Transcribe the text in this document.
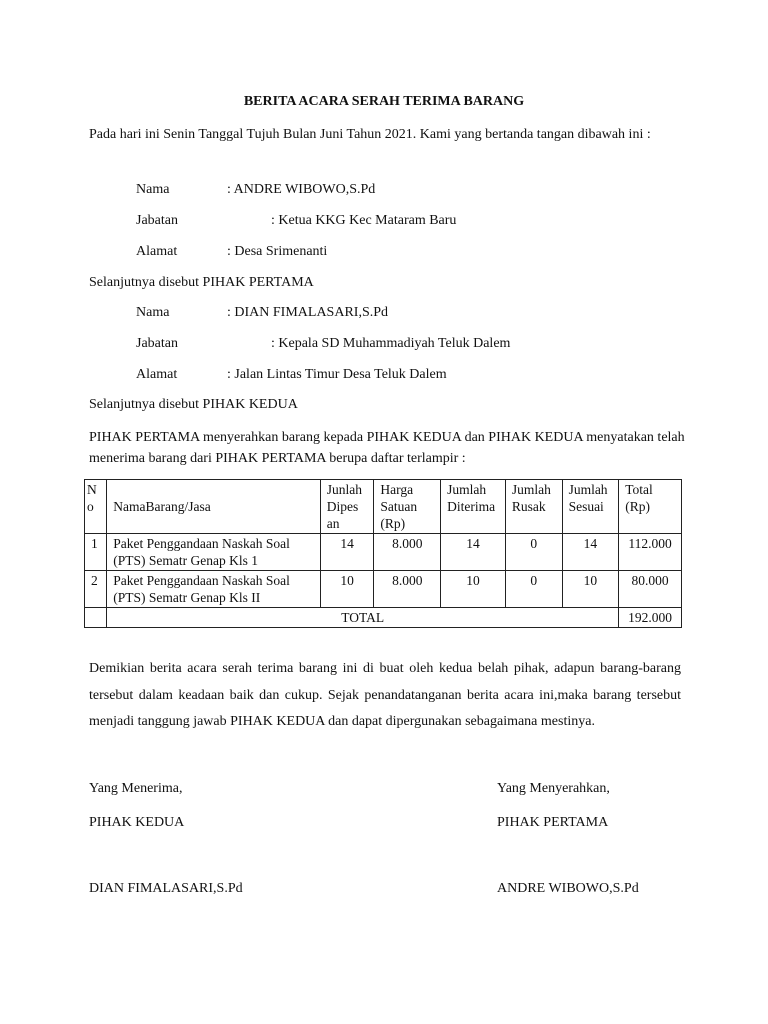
BERITA ACARA SERAH TERIMA BARANG
Pada hari ini Senin Tanggal Tujuh Bulan Juni Tahun 2021. Kami yang bertanda tangan dibawah ini :
Nama	: ANDRE WIBOWO,S.Pd
Jabatan	: Ketua KKG Kec Mataram Baru
Alamat	: Desa Srimenanti
Selanjutnya disebut PIHAK PERTAMA
Nama	: DIAN FIMALASARI,S.Pd
Jabatan	: Kepala SD Muhammadiyah Teluk Dalem
Alamat	: Jalan Lintas Timur Desa Teluk Dalem
Selanjutnya disebut PIHAK KEDUA
PIHAK PERTAMA menyerahkan barang kepada PIHAK KEDUA dan PIHAK KEDUA menyatakan telah menerima barang dari PIHAK PERTAMA berupa daftar terlampir :
N o	NamaBarang/Jasa	Junlah Dipes an	Harga Satuan (Rp)	Jumlah Diterima	Jumlah Rusak	Jumlah Sesuai	Total (Rp)
1	Paket Penggandaan Naskah Soal (PTS) Sematr Genap Kls 1	14	8.000	14	0	14	112.000
2	Paket Penggandaan Naskah Soal (PTS) Sematr Genap Kls II	10	8.000	10	0	10	80.000
	TOTAL						192.000
Demikian berita acara serah terima barang ini di buat oleh kedua belah pihak, adapun barang-barang tersebut dalam keadaan baik dan cukup. Sejak penandatanganan berita acara ini,maka barang tersebut menjadi tanggung jawab PIHAK KEDUA dan dapat dipergunakan sebagaimana mestinya.
Yang Menerima,	Yang Menyerahkan,
PIHAK KEDUA	PIHAK PERTAMA
DIAN FIMALASARI,S.Pd	ANDRE WIBOWO,S.Pd
